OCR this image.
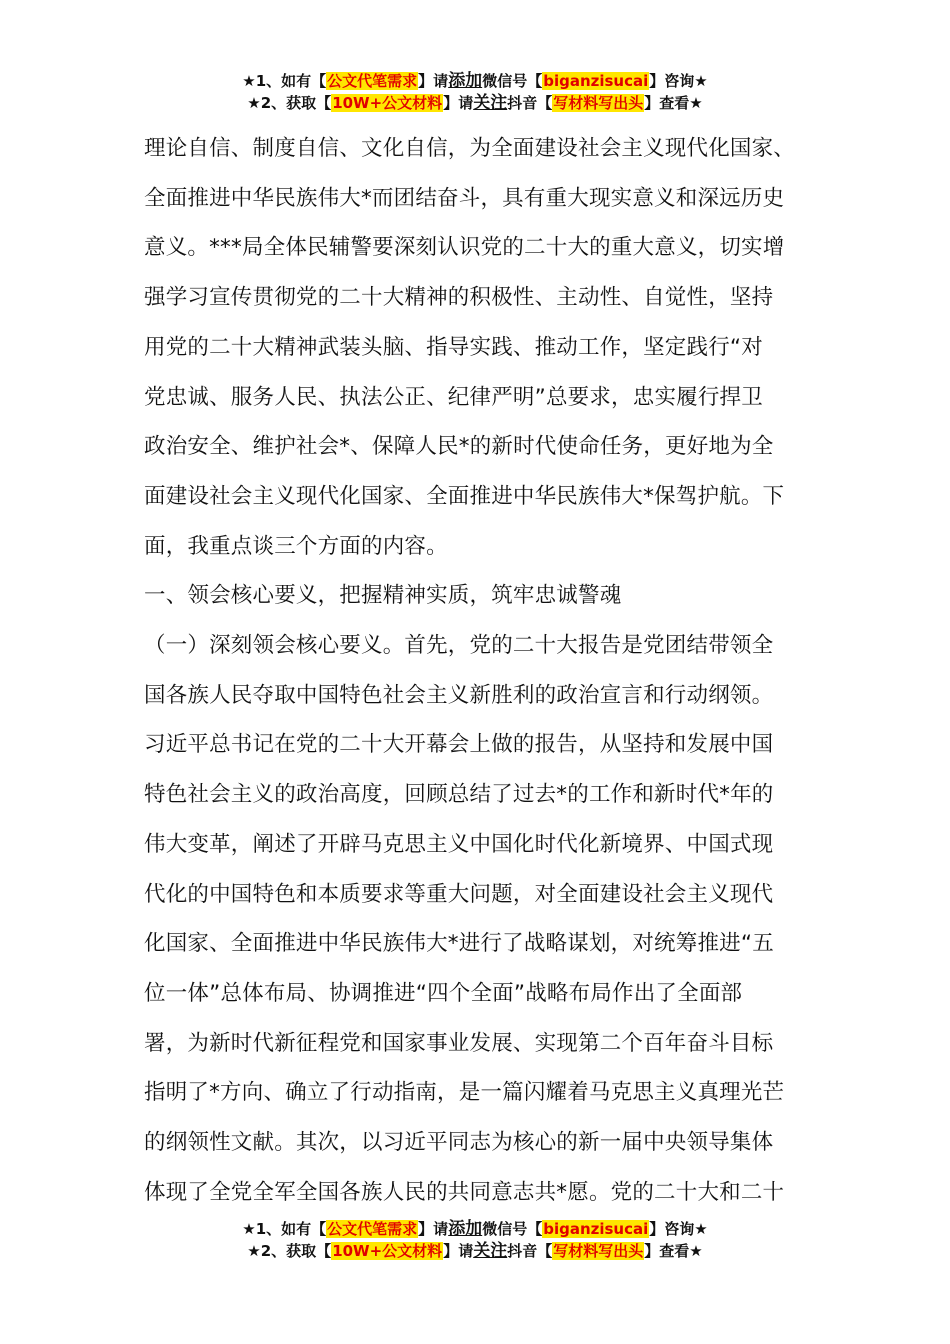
★1、如有【公文代笔需求】请添加微信号【biganzisucai】咨询★
★2、获取【10W+公文材料】请关注抖音【写材料写出头】查看★

理论自信、制度自信、文化自信，为全面建设社会主义现代化国家、

全面推进中华民族伟大*而团结奋斗，具有重大现实意义和深远历史

意义。***局全体民辅警要深刻认识党的二十大的重大意义，切实增

强学习宣传贯彻党的二十大精神的积极性、主动性、自觉性，坚持

用党的二十大精神武装头脑、指导实践、推动工作，坚定践行“对

党忠诚、服务人民、执法公正、纪律严明”总要求，忠实履行捍卫

政治安全、维护社会*、保障人民*的新时代使命任务，更好地为全

面建设社会主义现代化国家、全面推进中华民族伟大*保驾护航。下

面，我重点谈三个方面的内容。

一、领会核心要义，把握精神实质，筑牢忠诚警魂

（一）深刻领会核心要义。首先，党的二十大报告是党团结带领全

国各族人民夺取中国特色社会主义新胜利的政治宣言和行动纲领。

习近平总书记在党的二十大开幕会上做的报告，从坚持和发展中国

特色社会主义的政治高度，回顾总结了过去*的工作和新时代*年的

伟大变革，阐述了开辟马克思主义中国化时代化新境界、中国式现

代化的中国特色和本质要求等重大问题，对全面建设社会主义现代

化国家、全面推进中华民族伟大*进行了战略谋划，对统筹推进“五

位一体”总体布局、协调推进“四个全面”战略布局作出了全面部

署，为新时代新征程党和国家事业发展、实现第二个百年奋斗目标

指明了*方向、确立了行动指南，是一篇闪耀着马克思主义真理光芒

的纲领性文献。其次，以习近平同志为核心的新一届中央领导集体

体现了全党全军全国各族人民的共同意志共*愿。党的二十大和二十

★1、如有【公文代笔需求】请添加微信号【biganzisucai】咨询★
★2、获取【10W+公文材料】请关注抖音【写材料写出头】查看★
